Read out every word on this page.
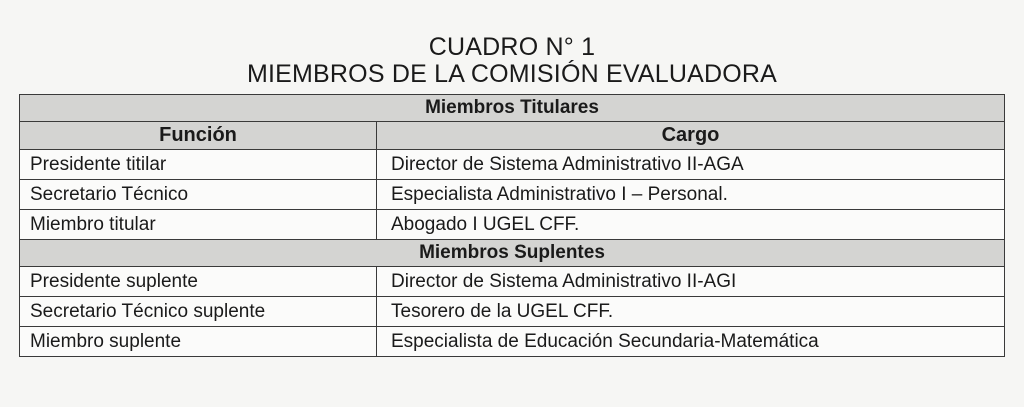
CUADRO N° 1
MIEMBROS DE LA COMISIÓN EVALUADORA
Miembros Titulares	
Función	Cargo
Presidente titilar	Director de Sistema Administrativo II-AGA
Secretario Técnico	Especialista Administrativo I – Personal.
Miembro titular	Abogado I UGEL CFF.
Miembros Suplentes	
Presidente suplente	Director de Sistema Administrativo II-AGI
Secretario Técnico suplente	Tesorero de la UGEL CFF.
Miembro suplente	Especialista de Educación Secundaria-Matemática
